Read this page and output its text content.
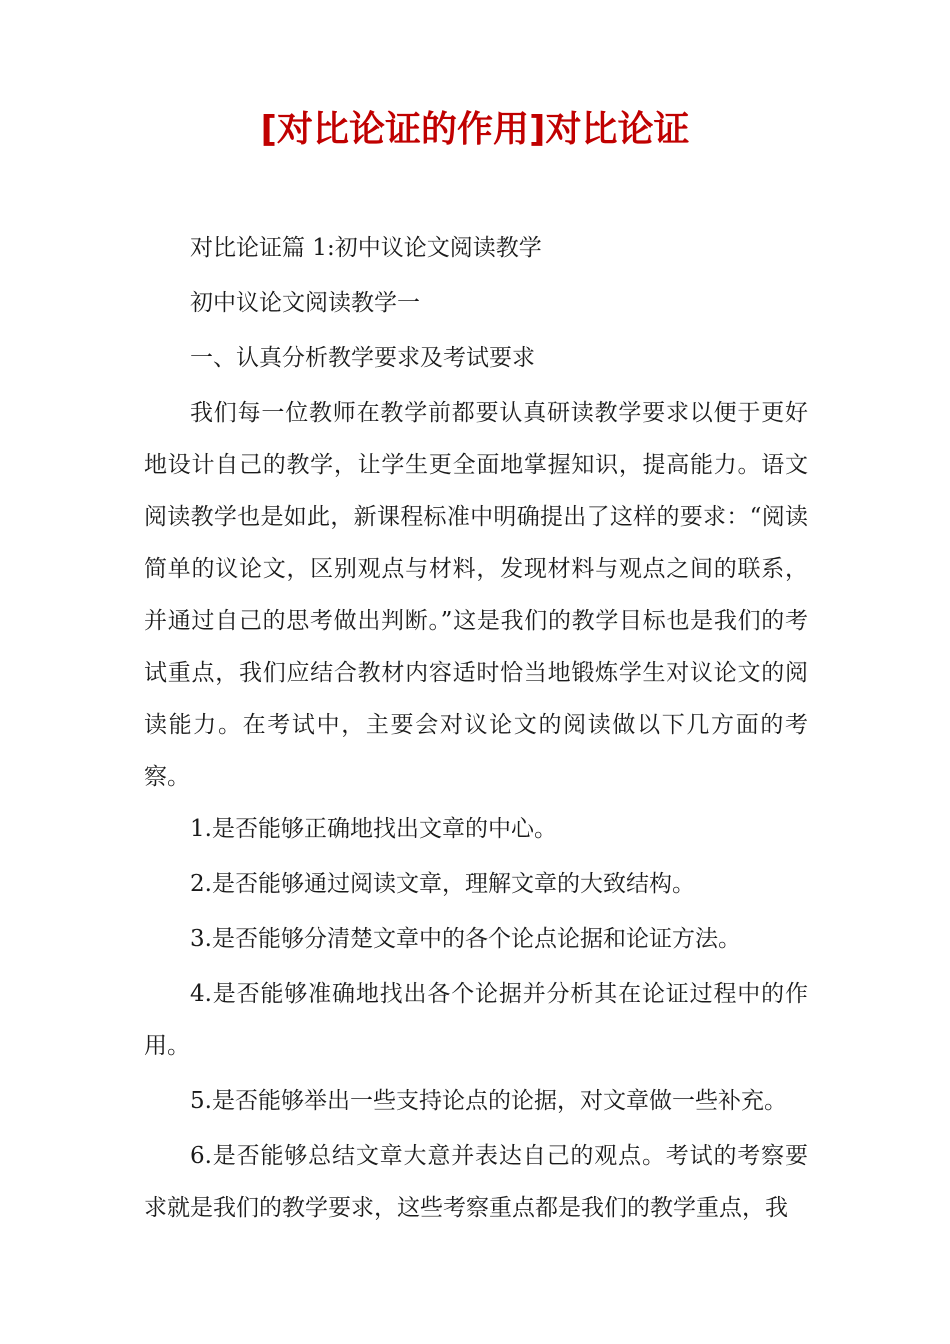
[对比论证的作用]对比论证

对比论证篇 1:初中议论文阅读教学

初中议论文阅读教学一

一、认真分析教学要求及考试要求

我们每一位教师在教学前都要认真研读教学要求以便于更好地设计自己的教学，让学生更全面地掌握知识，提高能力。语文阅读教学也是如此，新课程标准中明确提出了这样的要求：“阅读简单的议论文，区别观点与材料，发现材料与观点之间的联系，并通过自己的思考做出判断。”这是我们的教学目标也是我们的考试重点，我们应结合教材内容适时恰当地锻炼学生对议论文的阅读能力。在考试中，主要会对议论文的阅读做以下几方面的考察。

1.是否能够正确地找出文章的中心。

2.是否能够通过阅读文章，理解文章的大致结构。

3.是否能够分清楚文章中的各个论点论据和论证方法。

4.是否能够准确地找出各个论据并分析其在论证过程中的作用。

5.是否能够举出一些支持论点的论据，对文章做一些补充。

6.是否能够总结文章大意并表达自己的观点。考试的考察要求就是我们的教学要求，这些考察重点都是我们的教学重点，我
